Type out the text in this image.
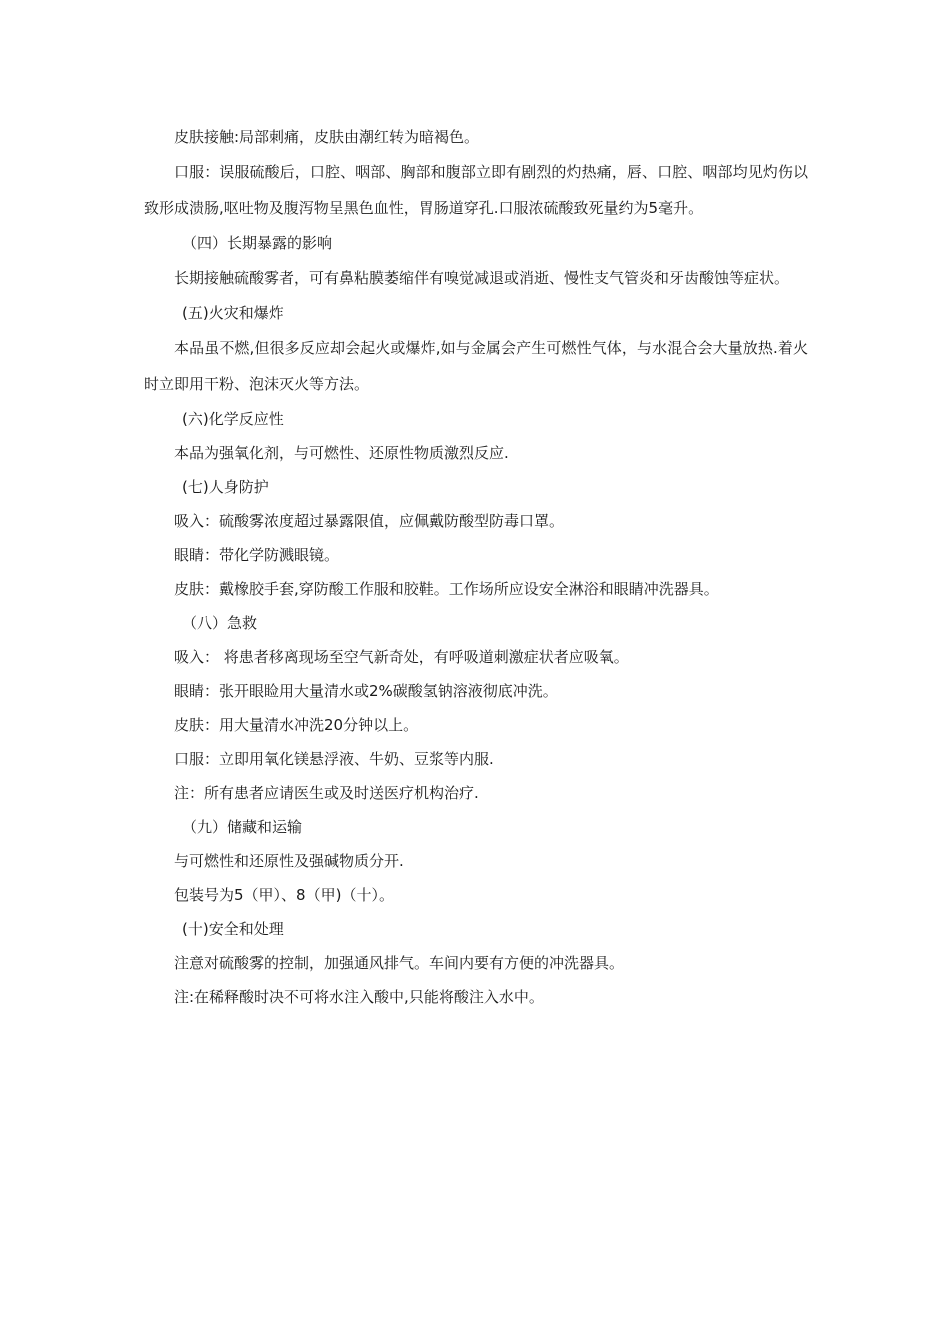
皮肤接触:局部刺痛，皮肤由潮红转为暗褐色。

口服：误服硫酸后，口腔、咽部、胸部和腹部立即有剧烈的灼热痛，唇、口腔、咽部均见灼伤以致形成溃肠,呕吐物及腹泻物呈黑色血性，胃肠道穿孔.口服浓硫酸致死量约为5毫升。

（四）长期暴露的影响

长期接触硫酸雾者，可有鼻粘膜萎缩伴有嗅觉减退或消逝、慢性支气管炎和牙齿酸蚀等症状。

(五)火灾和爆炸

本品虽不燃,但很多反应却会起火或爆炸,如与金属会产生可燃性气体，与水混合会大量放热.着火时立即用干粉、泡沫灭火等方法。

(六)化学反应性

本品为强氧化剂，与可燃性、还原性物质激烈反应.

(七)人身防护

吸入：硫酸雾浓度超过暴露限值，应佩戴防酸型防毒口罩。

眼睛：带化学防溅眼镜。

皮肤：戴橡胶手套,穿防酸工作服和胶鞋。工作场所应设安全淋浴和眼睛冲洗器具。

（八）急救

吸入： 将患者移离现场至空气新奇处，有呼吸道刺激症状者应吸氧。

眼睛：张开眼睑用大量清水或2%碳酸氢钠溶液彻底冲洗。

皮肤：用大量清水冲洗20分钟以上。

口服：立即用氧化镁悬浮液、牛奶、豆浆等内服.

注：所有患者应请医生或及时送医疗机构治疗.

（九）储藏和运输

与可燃性和还原性及强碱物质分开.

包装号为5（甲）、8（甲)（十）。

(十)安全和处理

注意对硫酸雾的控制，加强通风排气。车间内要有方便的冲洗器具。

注:在稀释酸时决不可将水注入酸中,只能将酸注入水中。
